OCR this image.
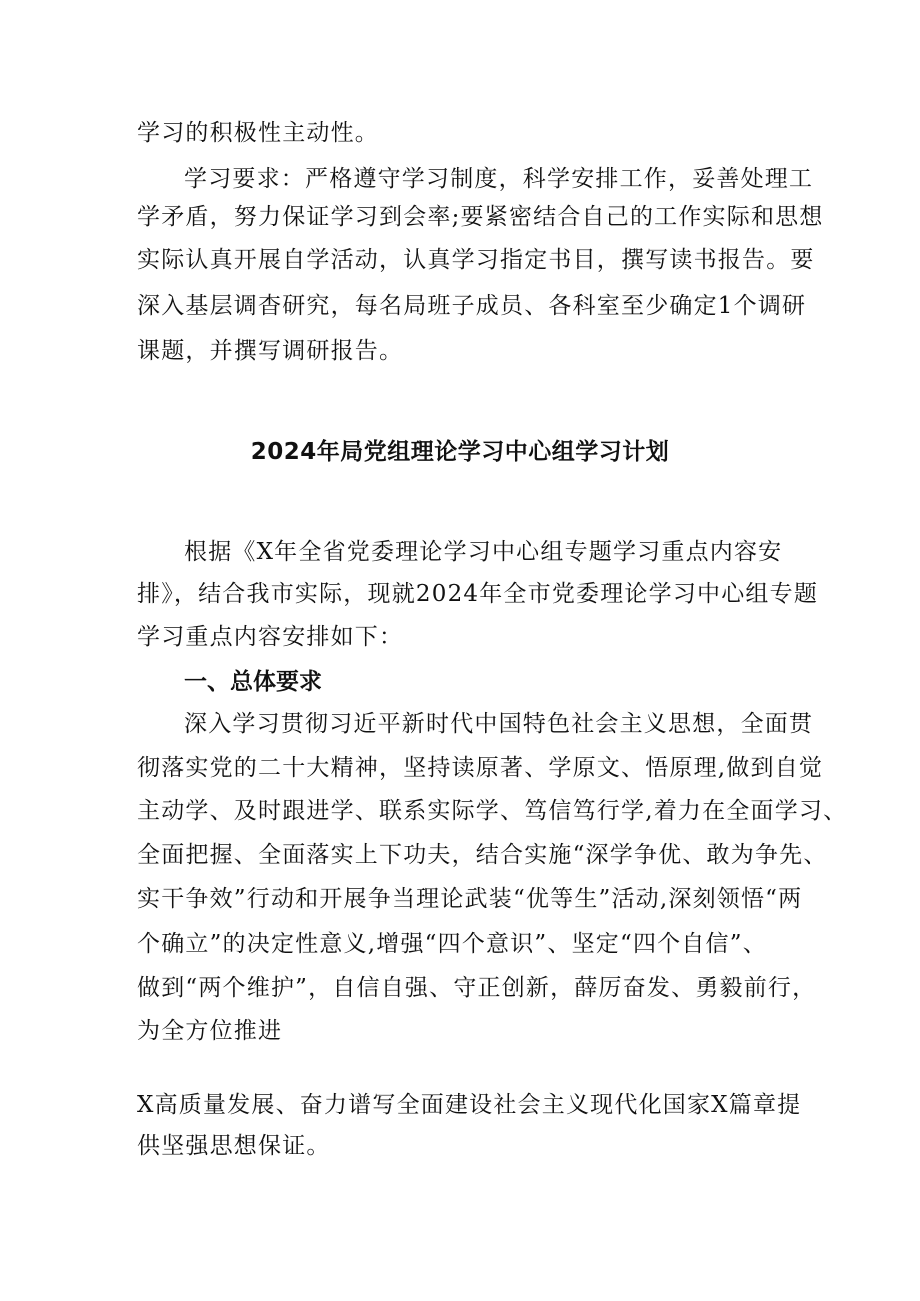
学习的积极性主动性。
学习要求：严格遵守学习制度，科学安排工作，妥善处理工
学矛盾，努力保证学习到会率;要紧密结合自己的工作实际和思想
实际认真开展自学活动，认真学习指定书目，撰写读书报告。要
深入基层调杳研究，每名局班子成员、各科室至少确定1个调研
课题，并撰写调研报告。
2024年局党组理论学习中心组学习计划
根据《X年全省党委理论学习中心组专题学习重点内容安
排》，结合我市实际，现就2024年全市党委理论学习中心组专题
学习重点内容安排如下：
一、总体要求
深入学习贯彻习近平新时代中国特色社会主义思想，全面贯
彻落实党的二十大精神，坚持读原著、学原文、悟原理,做到自觉
主动学、及时跟进学、联系实际学、笃信笃行学,着力在全面学习、
全面把握、全面落实上下功夫，结合实施“深学争优、敢为争先、
实干争效”行动和开展争当理论武装“优等生”活动,深刻领悟“两
个确立”的决定性意义,增强“四个意识”、坚定“四个自信”、
做到“两个维护”，自信自强、守正创新，薛厉奋发、勇毅前行，
为全方位推进
X高质量发展、奋力谱写全面建设社会主义现代化国家X篇章提
供坚强思想保证。
